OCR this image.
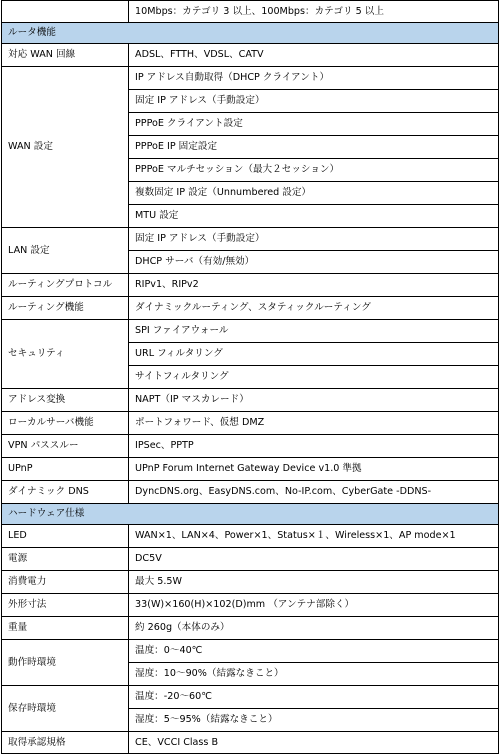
	10Mbps：カテゴリ 3 以上、100Mbps：カテゴリ 5 以上
ルータ機能	
対応 WAN 回線	ADSL、FTTH、VDSL、CATV
WAN 設定	IP アドレス自動取得（DHCP クライアント）
	固定 IP アドレス（手動設定）
	PPPoE クライアント設定
	PPPoE IP 固定設定
	PPPoE マルチセッション（最大２セッション）
	複数固定 IP 設定（Unnumbered 設定）
	MTU 設定
LAN 設定	固定 IP アドレス（手動設定）
	DHCP サーバ（有効/無効）
ルーティングプロトコル	RIPv1、RIPv2
ルーティング機能	ダイナミックルーティング、スタティックルーティング
セキュリティ	SPI ファイアウォール
	URL フィルタリング
	サイトフィルタリング
アドレス変換	NAPT（IP マスカレード）
ローカルサーバ機能	ポートフォワード、仮想 DMZ
VPN パススルー	IPSec、PPTP
UPnP	UPnP Forum Internet Gateway Device v1.0 準拠
ダイナミック DNS	DyncDNS.org、EasyDNS.com、No-IP.com、CyberGate -DDNS-
ハードウェア仕様	
LED	WAN×1、LAN×4、Power×1、Status×１、Wireless×1、AP mode×1
電源	DC5V
消費電力	最大 5.5W
外形寸法	33(W)×160(H)×102(D)mm （アンテナ部除く）
重量	約 260g（本体のみ）
動作時環境	温度：0～40℃
	湿度：10～90%（結露なきこと）
保存時環境	温度：-20～60℃
	湿度：5～95%（結露なきこと）
取得承認規格	CE、VCCI Class B
